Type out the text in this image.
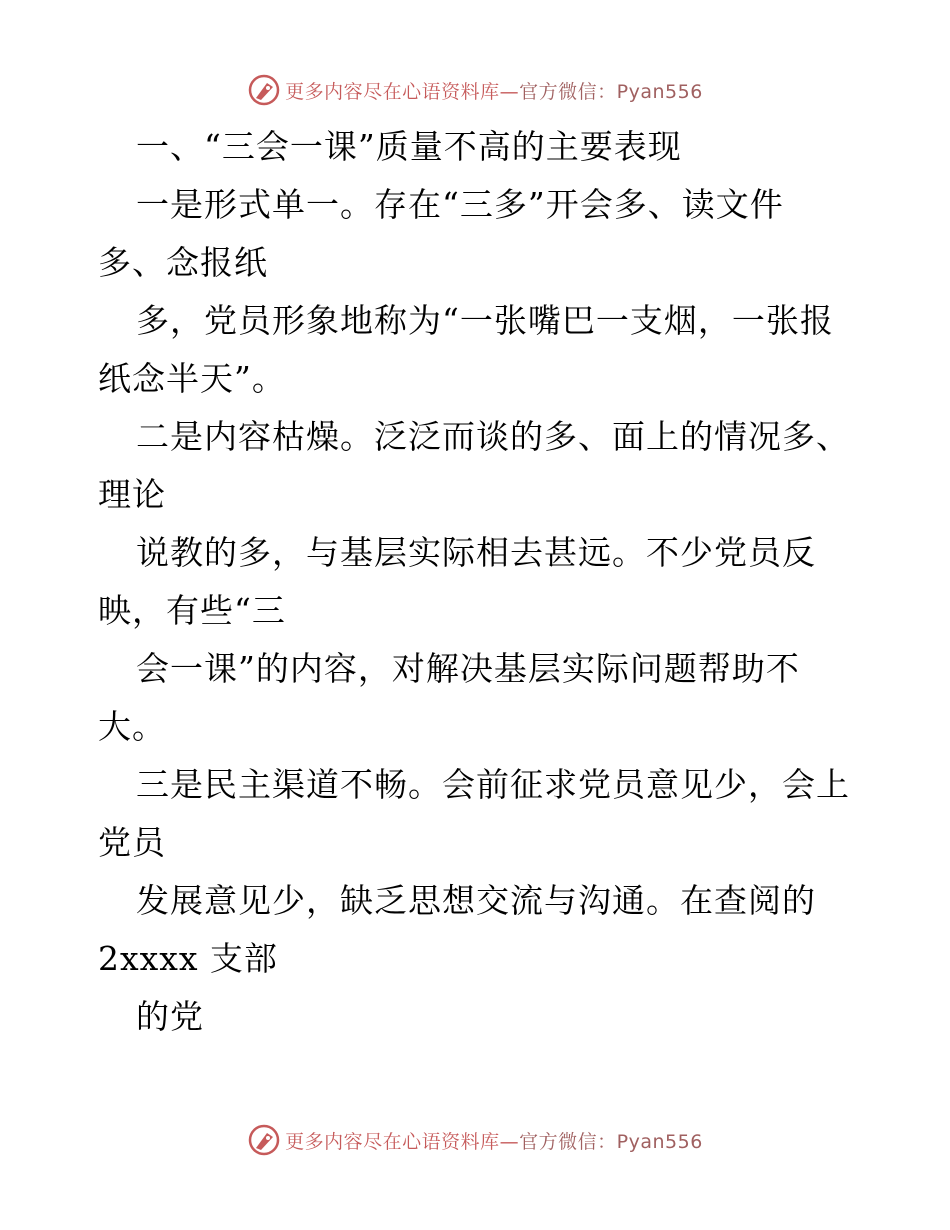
更多内容尽在心语资料库—官方微信：Pyan556
一、“三会一课”质量不高的主要表现
一是形式单一。存在“三多”开会多、读文件
多、念报纸
多，党员形象地称为“一张嘴巴一支烟，一张报
纸念半天”。
二是内容枯燥。泛泛而谈的多、面上的情况多、
理论
说教的多，与基层实际相去甚远。不少党员反
映，有些“三
会一课”的内容，对解决基层实际问题帮助不
大。
三是民主渠道不畅。会前征求党员意见少，会上
党员
发展意见少，缺乏思想交流与沟通。在查阅的
2xxxx 支部
的党
更多内容尽在心语资料库—官方微信：Pyan556
